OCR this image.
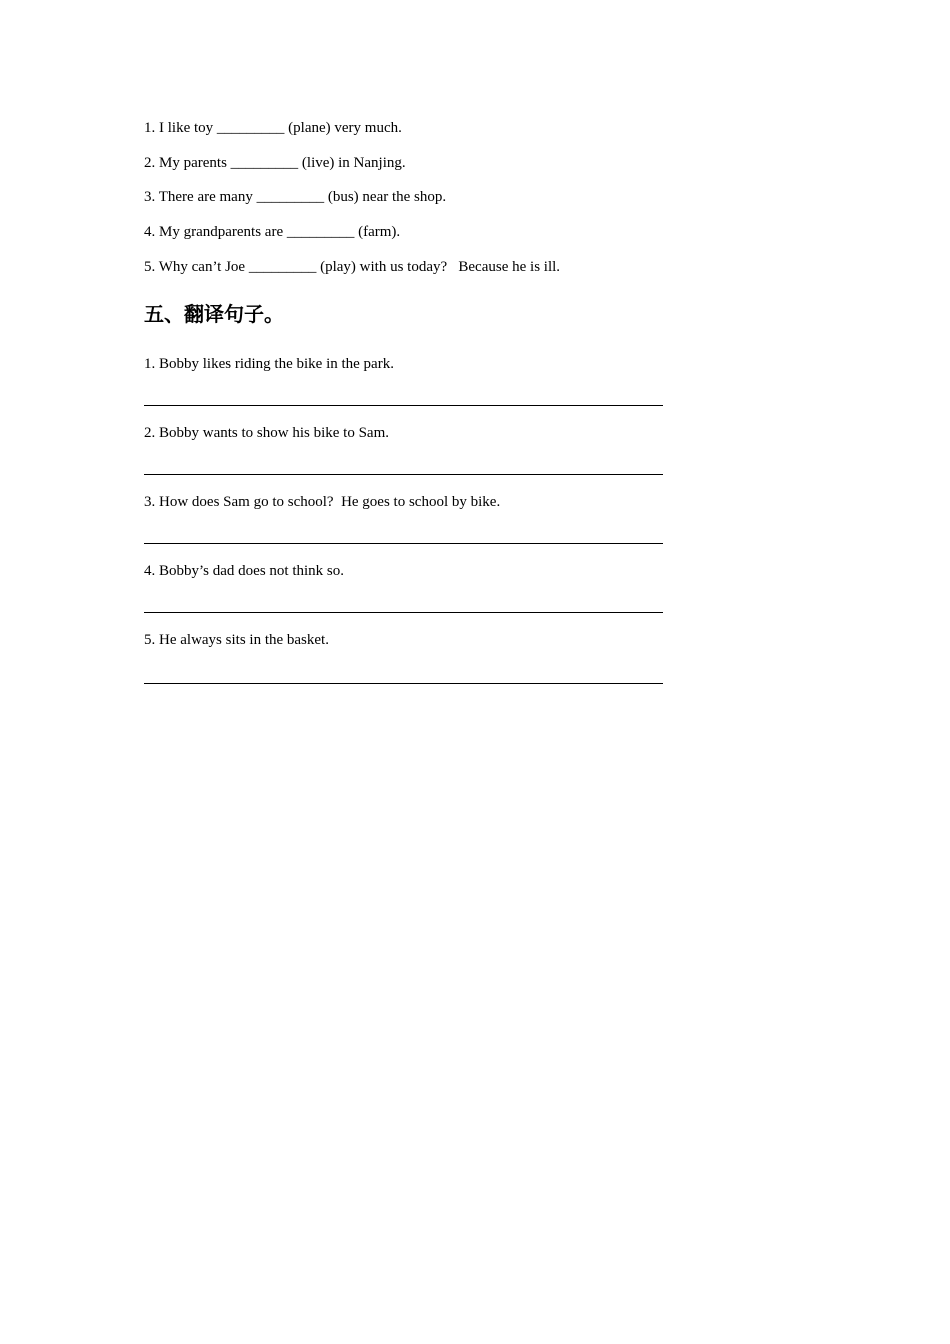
1. I like toy _________ (plane) very much.
2. My parents _________ (live) in Nanjing.
3. There are many _________ (bus) near the shop.
4. My grandparents are _________ (farm).
5. Why can’t Joe _________ (play) with us today?   Because he is ill.
五、翻译句子。
1. Bobby likes riding the bike in the park.
2. Bobby wants to show his bike to Sam.
3. How does Sam go to school?  He goes to school by bike.
4. Bobby’s dad does not think so.
5. He always sits in the basket.
